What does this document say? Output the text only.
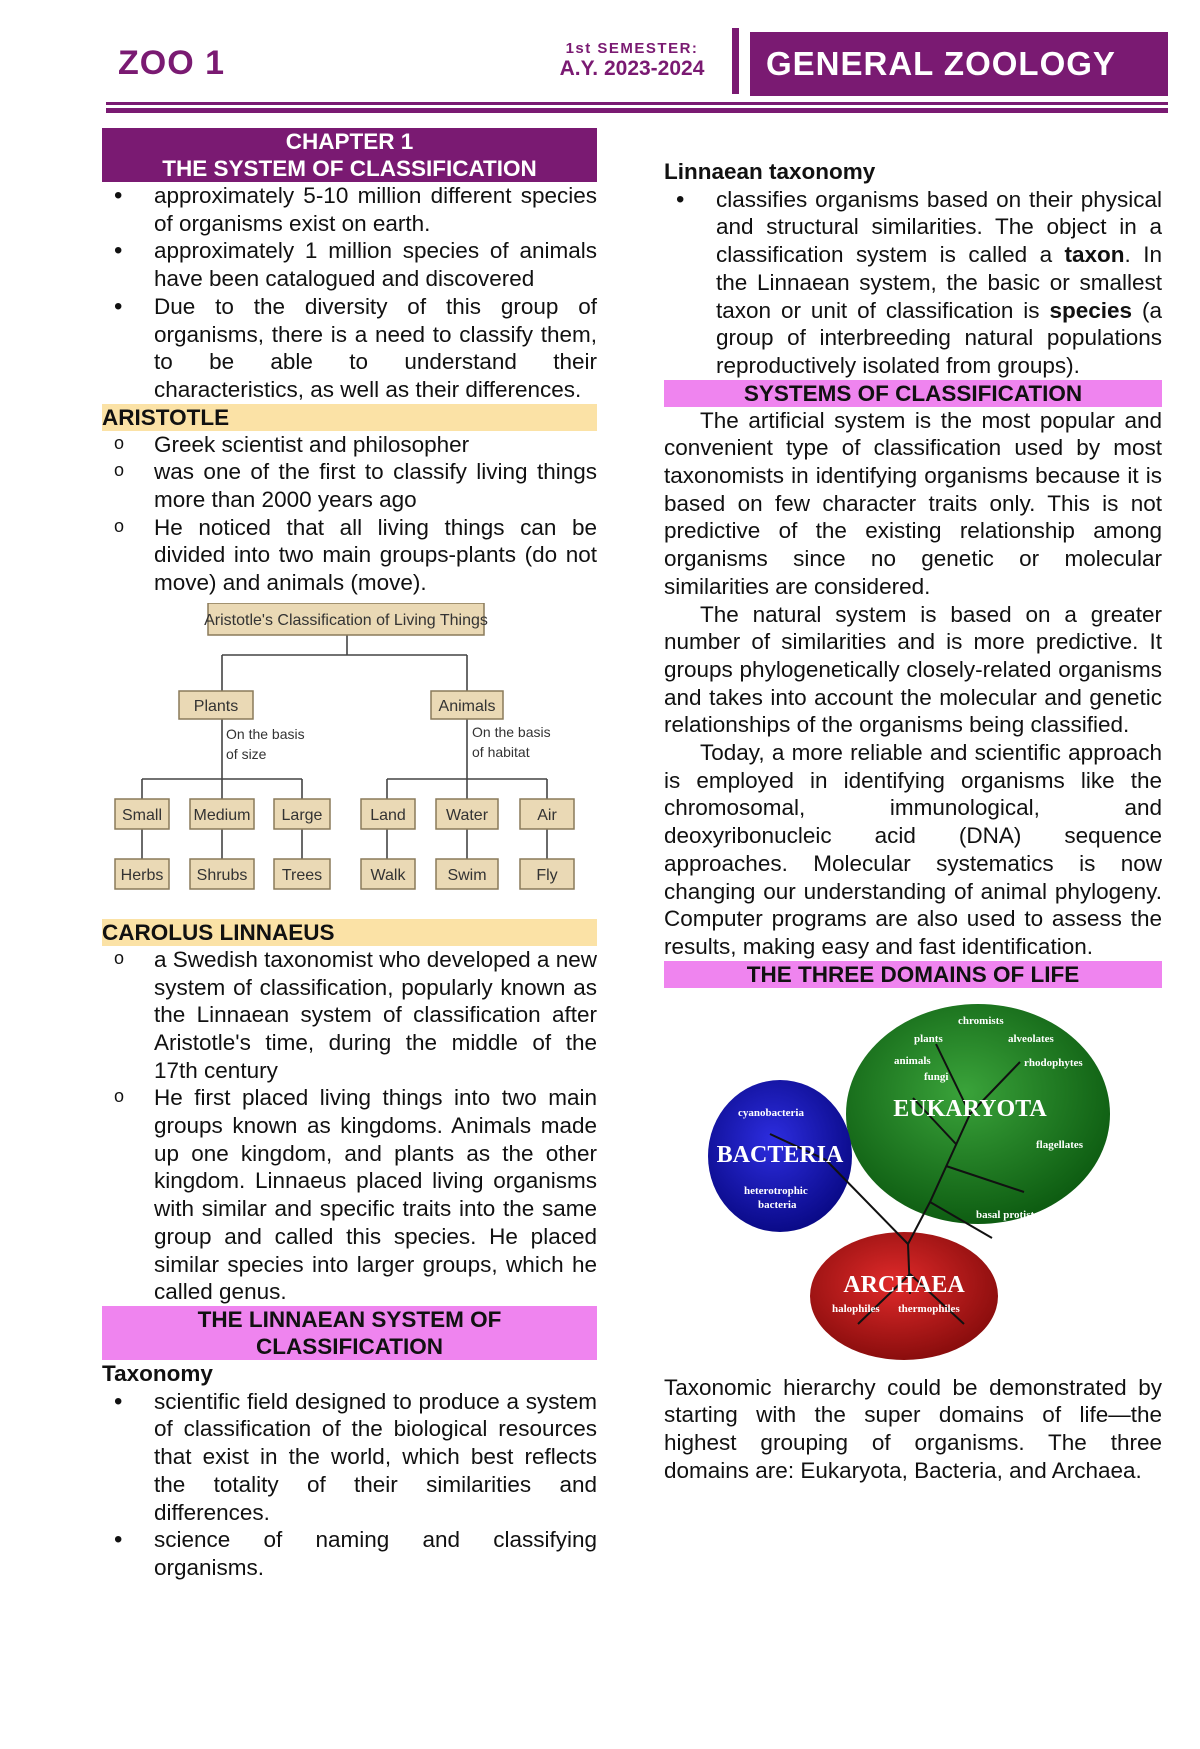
ZOO 1	1st SEMESTER:
A.Y. 2023-2024	GENERAL ZOOLOGY
CHAPTER 1
THE SYSTEM OF CLASSIFICATION
• approximately 5-10 million different species of organisms exist on earth.
• approximately 1 million species of animals have been catalogued and discovered
• Due to the diversity of this group of organisms, there is a need to classify them, to be able to understand their characteristics, as well as their differences.
ARISTOTLE
o Greek scientist and philosopher
o was one of the first to classify living things more than 2000 years ago
o He noticed that all living things can be divided into two main groups-plants (do not move) and animals (move).
Aristotle's Classification of Living Things
Plants	Animals
Small Medium Large	Land	Water	Air
Herbs Shrubs Trees	Walk	Swim	Fly
On the basis
of size
On the basis
of habitat
CAROLUS LINNAEUS
o a Swedish taxonomist who developed a new system of classification, popularly known as the Linnaean system of classification after Aristotle's time, during the middle of the 17th century
o He first placed living things into two main groups known as kingdoms. Animals made up one kingdom, and plants as the other kingdom. Linnaeus placed living organisms with similar and specific traits into the same group and called this species. He placed similar species into larger groups, which he called genus.
THE LINNAEAN SYSTEM OF
CLASSIFICATION
Taxonomy
• scientific field designed to produce a system of classification of the biological resources that exist in the world, which best reflects the totality of their similarities and differences.
• science of naming and classifying organisms.
Linnaean taxonomy
• classifies organisms based on their physical and structural similarities. The object in a classification system is called a taxon. In the Linnaean system, the basic or smallest taxon or unit of classification is species (a group of interbreeding natural populations reproductively isolated from groups).
SYSTEMS OF CLASSIFICATION

The artificial system is the most popular and convenient type of classification used by most taxonomists in identifying organisms because it is based on few character traits only. This is not predictive of the existing relationship among organisms since no genetic or molecular similarities are considered.

The natural system is based on a greater number of similarities and is more predictive. It groups phylogenetically closely-related organisms and takes into account the molecular and genetic relationships of the organisms being classified.

Today, a more reliable and scientific approach is employed in identifying organisms like the chromosomal, immunological, and deoxyribonucleic acid (DNA) sequence approaches. Molecular systematics is now changing our understanding of animal phylogeny. Computer programs are also used to assess the results, making easy and fast identification.

THE THREE DOMAINS OF LIFE
EUKARYOTA
BACTERIA
ARCHAEA
chromists
plants	alveolates
animals	rhodophytes
fungi
flagellates
basal protists
cyanobacteria
heterotrophic
bacteria
halophiles thermophiles

Taxonomic hierarchy could be demonstrated by starting with the super domains of life—the highest grouping of organisms. The three domains are: Eukaryota, Bacteria, and Archaea.
